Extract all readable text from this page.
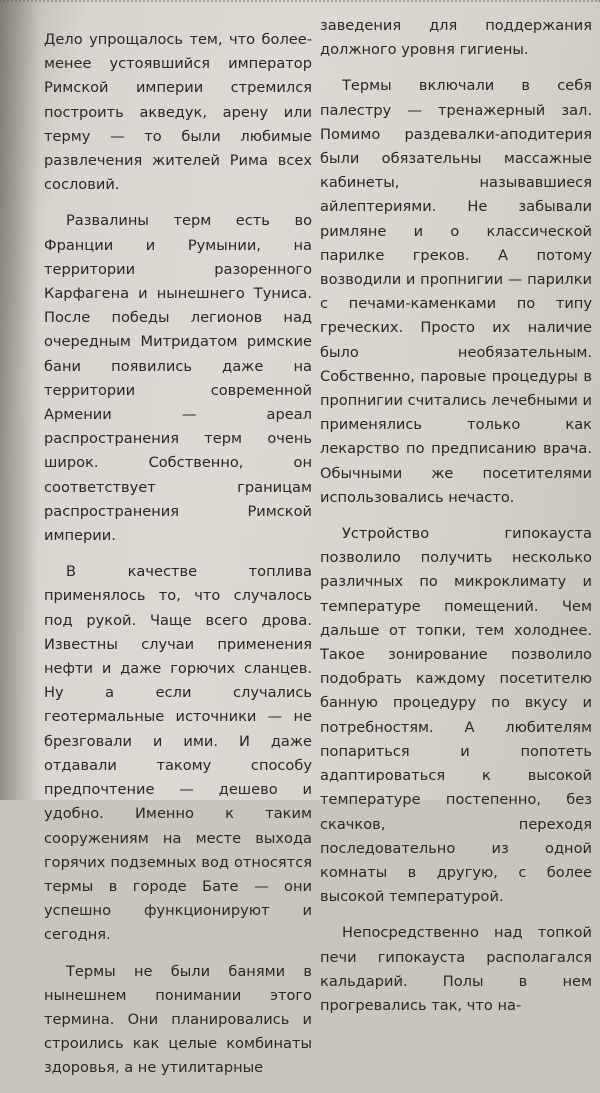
Дело упрощалось тем, что более-менее устоявшийся император Римской империи стремился построить акведук, арену или терму — то были любимые развлечения жителей Рима всех сословий.

Развалины терм есть во Франции и Румынии, на территории разоренного Карфагена и нынешнего Туниса. После победы легионов над очередным Митридатом римские бани появились даже на территории современной Армении — ареал распространения терм очень широк. Собственно, он соответствует границам распространения Римской империи.

В качестве топлива применялось то, что случалось под рукой. Чаще всего дрова. Известны случаи применения нефти и даже горючих сланцев. Ну а если случались геотермальные источники — не брезговали и ими. И даже отдавали такому способу предпочтение — дешево и удобно. Именно к таким сооружениям на месте выхода горячих подземных вод относятся термы в городе Бате — они успешно функционируют и сегодня.

Термы не были банями в нынешнем понимании этого термина. Они планировались и строились как целые комбинаты здоровья, а не утилитарные

заведения для поддержания должного уровня гигиены.

Термы включали в себя палестру — тренажерный зал. Помимо раздевалки-аподитерия были обязательны массажные кабинеты, называвшиеся айлептериями. Не забывали римляне и о классической парилке греков. А потому возводили и пропнигии — парилки с печами-каменками по типу греческих. Просто их наличие было необязательным. Собственно, паровые процедуры в пропнигии считались лечебными и применялись только как лекарство по предписанию врача. Обычными же посетителями использовались нечасто.

Устройство гипокауста позволило получить несколько различных по микроклимату и температуре помещений. Чем дальше от топки, тем холоднее. Такое зонирование позволило подобрать каждому посетителю банную процедуру по вкусу и потребностям. А любителям попариться и попотеть адаптироваться к высокой температуре постепенно, без скачков, переходя последовательно из одной комнаты в другую, с более высокой температурой.

Непосредственно над топкой печи гипокауста располагался кальдарий. Полы в нем прогревались так, что на-
